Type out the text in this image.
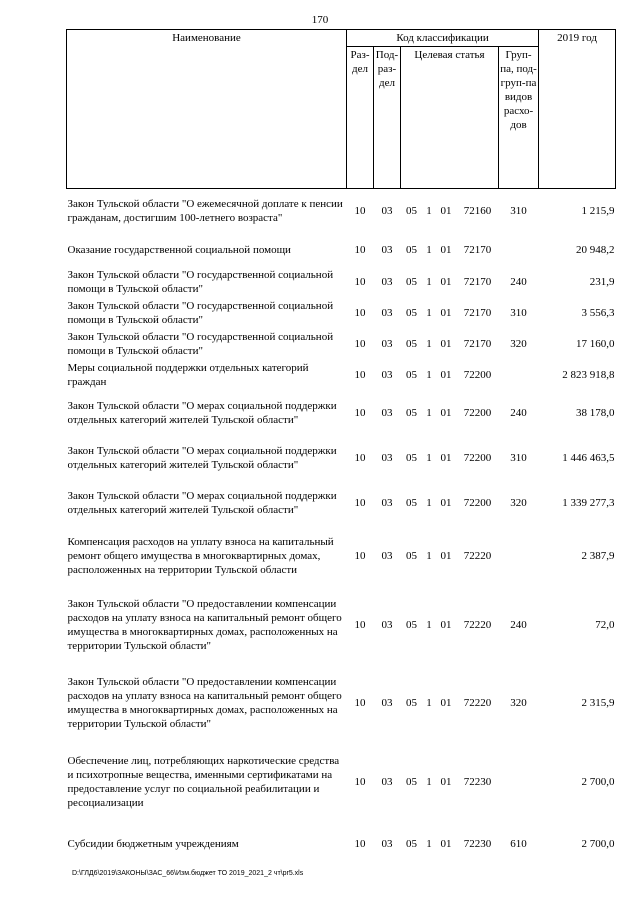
170
Наименование	Код классификации							2019 год
	Раз-дел	Под-раз-дел	Целевая статья				Груп-па, под-груп-па видов расхо-дов	
Закон Тульской области "О ежемесячной доплате к пенсии гражданам, достигшим 100-летнего возраста"	10	03	05	1	01	72160	310	1 215,9
Оказание государственной социальной помощи	10	03	05	1	01	72170		20 948,2
Закон Тульской области "О государственной социальной помощи в Тульской области"	10	03	05	1	01	72170	240	231,9
Закон Тульской области "О государственной социальной помощи в Тульской области"	10	03	05	1	01	72170	310	3 556,3
Закон Тульской области "О государственной социальной помощи в Тульской области"	10	03	05	1	01	72170	320	17 160,0
Меры социальной поддержки отдельных категорий граждан	10	03	05	1	01	72200		2 823 918,8
Закон Тульской области "О мерах социальной поддержки отдельных категорий жителей Тульской области"	10	03	05	1	01	72200	240	38 178,0
Закон Тульской области "О мерах социальной поддержки отдельных категорий жителей Тульской области"	10	03	05	1	01	72200	310	1 446 463,5
Закон Тульской области "О мерах социальной поддержки отдельных категорий жителей Тульской области"	10	03	05	1	01	72200	320	1 339 277,3
Компенсация расходов на уплату взноса на капитальный ремонт общего имущества в многоквартирных домах, расположенных на территории Тульской области	10	03	05	1	01	72220		2 387,9
Закон Тульской области "О предоставлении компенсации расходов на уплату взноса на капитальный ремонт общего имущества в многоквартирных домах, расположенных на территории Тульской области"	10	03	05	1	01	72220	240	72,0
Закон Тульской области "О предоставлении компенсации расходов на уплату взноса на капитальный ремонт общего имущества в многоквартирных домах, расположенных на территории Тульской области"	10	03	05	1	01	72220	320	2 315,9
Обеспечение лиц, потребляющих наркотические средства и психотропные вещества, именными сертификатами на предоставление услуг по социальной реабилитации и ресоциализации	10	03	05	1	01	72230		2 700,0
Субсидии бюджетным учреждениям	10	03	05	1	01	72230	610	2 700,0
D:\ГЛД6\2019\ЗАКОНЫ\ЗАС_66\Изм.бюджет ТО 2019_2021_2 чт\pr5.xls
